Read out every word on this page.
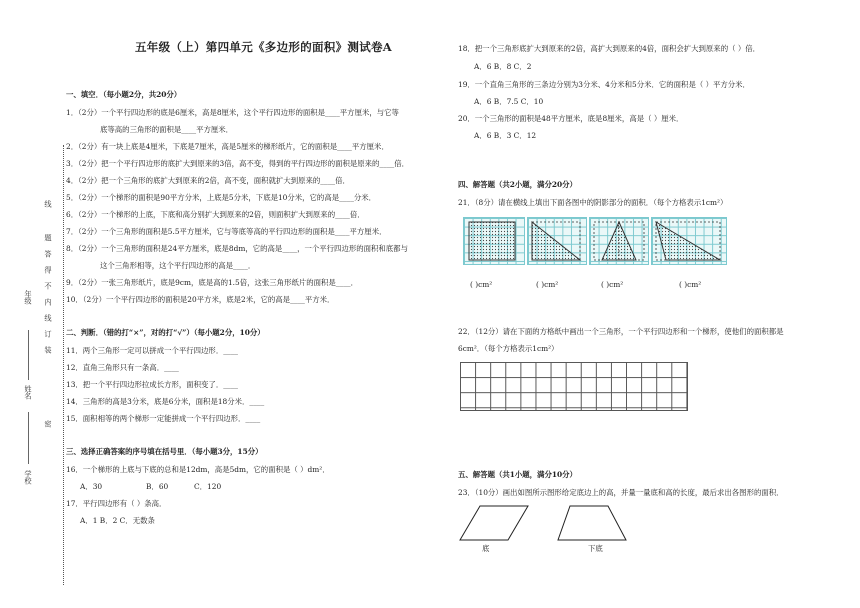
学校
姓名
年级
线
题
答
得
不
内
线
订
装
密
五年级（上）第四单元《多边形的面积》测试卷A
一、填空．（每小题2分，共20分）
1．（2分）一个平行四边形的底是6厘米，高是8厘米，这个平行四边形的面积是____平方厘米，与它等
底等高的三角形的面积是____平方厘米．
2．（2分）有一块上底是4厘米，下底是7厘米，高是5厘米的梯形纸片，它的面积是____平方厘米．
3．（2分）把一个平行四边形的底扩大到原来的3倍，高不变，得到的平行四边形的面积是原来的____倍．
4．（2分）把一个三角形的底扩大到原来的2倍，高不变，面积就扩大到原来的____倍．
5．（2分）一个梯形的面积是90平方分米，上底是5分米，下底是10分米，它的高是____分米．
6．（2分）一个梯形的上底，下底和高分别扩大到原来的2倍，则面积扩大到原来的____倍．
7．（2分）一个三角形的面积是5.5平方厘米，它与等底等高的平行四边形的面积是____平方厘米．
8．（2分）一个三角形的面积是24平方厘米，底是8dm，它的高是____，一个平行四边形的面积和底都与
这个三角形相等，这个平行四边形的高是____．
9．（2分）一张三角形纸片，底是9cm，底是高的1.5倍，这张三角形纸片的面积是____．
10．（2分）一个平行四边形的面积是20平方米，底是2米，它的高是____平方米．
二、判断．（错的打“×”，对的打“√”）（每小题2分，10分）
11．两个三角形一定可以拼成一个平行四边形．____
12．直角三角形只有一条高．____
13．把一个平行四边形拉成长方形，面积变了．____
14．三角形的高是3分米，底是6分米，面积是18分米．____
15．面积相等的两个梯形一定能拼成一个平行四边形．____
三、选择正确答案的序号填在括号里．（每小题3分，15分）
16．一个梯形的上底与下底的总和是12dm，高是5dm，它的面积是（ ）dm²．
A．30	B．60	C．120
17．平行四边形有（ ）条高．
A．1 B．2 C．无数条
18．把一个三角形底扩大到原来的2倍，高扩大到原来的4倍，面积会扩大到原来的（ ）倍．
A．6 B．8 C．2
19．一个直角三角形的三条边分别为3分米、4分米和5分米．它的面积是（ ）平方分米．
A．6 B．7.5 C．10
20．一个三角形的面积是48平方厘米，底是8厘米，高是（ ）厘米．
A．6 B．3 C．12
四、解答题（共2小题，满分20分）
21．（8分）请在横线上填出下面各图中的阴影部分的面积．（每个方格表示1cm²）
( )cm²	( )cm²	( )cm²	( )cm²
22．（12分）请在下面的方格纸中画出一个三角形，一个平行四边形和一个梯形，使他们的面积都是
6cm²．（每个方格表示1cm²）
五、解答题（共1小题，满分10分）
23．（10分）画出如图所示图形给定底边上的高，并量一量底和高的长度，最后求出各图形的面积．
底	下底
